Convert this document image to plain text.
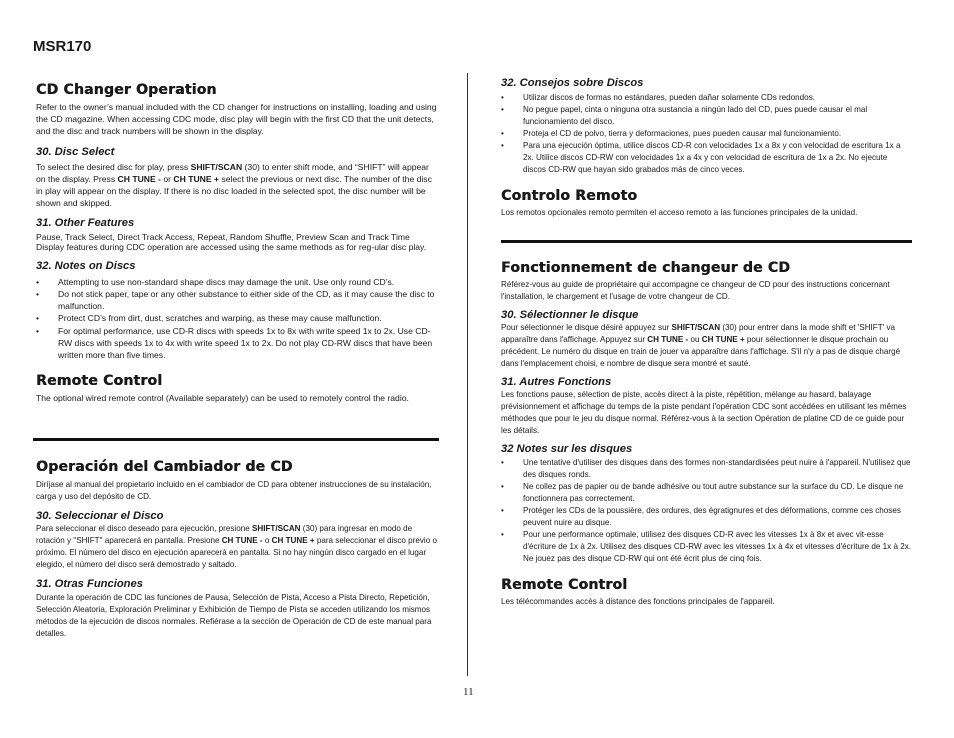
MSR170
CD Changer Operation

Refer to the owner’s manual included with the CD changer for instructions on installing, loading and using the CD magazine. When accessing CDC mode, disc play will begin with the first CD that the unit detects, and the disc and track numbers will be shown in the display.

30. Disc Select

To select the desired disc for play, press SHIFT/SCAN (30) to enter shift mode, and “SHIFT” will appear on the display. Press CH TUNE - or CH TUNE + select the previous or next disc. The number of the disc in play will appear on the display. If there is no disc loaded in the selected spot, the disc number will be shown and skipped.

31. Other Features

Pause, Track Select, Direct Track Access, Repeat, Random Shuffle, Preview Scan and Track Time Display features during CDC operation are accessed using the same methods as for reg-ular disc play.

32. Notes on Discs
• Attempting to use non-standard shape discs may damage the unit. Use only round CD’s.
• Do not stick paper, tape or any other substance to either side of the CD, as it may cause the disc to malfunction.
• Protect CD’s from dirt, dust, scratches and warping, as these may cause malfunction.
• For optimal performance, use CD-R discs with speeds 1x to 8x with write speed 1x to 2x. Use CD-RW discs with speeds 1x to 4x with write speed 1x to 2x. Do not play CD-RW discs that have been written more than five times.
Remote Control

The optional wired remote control (Available separately) can be used to remotely control the radio.

Operación del Cambiador de CD

Diríjase al manual del propietario incluido en el cambiador de CD para obtener instrucciones de su instalación, carga y uso del depósito de CD.

30. Seleccionar el Disco

Para seleccionar el disco deseado para ejecución, presione SHIFT/SCAN (30) para ingresar en modo de rotación y "SHIFT" aparecerá en pantalla. Presione CH TUNE - o CH TUNE + para seleccionar el disco previo o próximo. El número del disco en ejecución aparecerá en pantalla. Si no hay ningún disco cargado en el lugar elegido, el número del disco será demostrado y saltado.

31. Otras Funciones

Durante la operación de CDC las funciones de Pausa, Selección de Pista, Acceso a Pista Directo, Repetición, Selección Aleatoria, Exploración Preliminar y Exhibición de Tiempo de Pista se acceden utilizando los mismos métodos de la ejecución de discos normales. Refiérase a la sección de Operación de CD de este manual para detalles.

32. Consejos sobre Discos
• Utilizar discos de formas no estándares, pueden dañar solamente CDs redondos.
• No pegue papel, cinta o ninguna otra sustancia a ningún lado del CD, pues puede causar el mal funcionamiento del disco.
• Proteja el CD de polvo, tierra y deformaciones, pues pueden causar mal funcionamiento.
• Para una ejecución óptima, utilice discos CD-R con velocidades 1x a 8x y con velocidad de escritura 1x a 2x. Utilice discos CD-RW con velocidades 1x a 4x y con velocidad de escritura de 1x a 2x. No ejecute discos CD-RW que hayan sido grabados más de cinco veces.
Controlo Remoto

Los remotos opcionales remoto permiten el acceso remoto a las funciones principales de la unidad.

Fonctionnement de changeur de CD

Référez-vous au guide de propriétaire qui accompagne ce changeur de CD pour des instructions concernant l'installation, le chargement et l'usage de votre changeur de CD.

30. Sélectionner le disque

Pour sélectionner le disque désiré appuyez sur SHIFT/SCAN (30) pour entrer dans la mode shift et 'SHIFT' va apparaître dans l'affichage. Appuyez sur CH TUNE - ou CH TUNE + pour sélectionner le disque prochain ou précédent. Le numéro du disque en train de jouer va apparaître dans l'affichage. S'il n'y a pas de disque chargé dans l'emplacement choisi, e nombre de disque sera montré et sauté.

31. Autres Fonctions

Les fonctions pause, sélection de piste, accès direct à la piste, répétition, mélange au hasard, balayage prévisionnement et affichage du temps de la piste pendant l'opération CDC sont accédées en utilisant les mêmes méthodes que pour le jeu du disque normal. Référez-vous à la section Opération de platine CD de ce guide pour les détails.

32 Notes sur les disques
• Une tentative d'utiliser des disques dans des formes non-standardisées peut nuire à l'appareil. N'utilisez que des disques ronds.
• Ne collez pas de papier ou de bande adhésive ou tout autre substance sur la surface du CD. Le disque ne fonctionnera pas correctement.
• Protéger les CDs de la poussière, des ordures, des égratignures et des déformations, comme ces choses peuvent nuire au disque.
• Pour une performance optimale, utilisez des disques CD-R avec les vitesses 1x à 8x et avec vit-esse d'écriture de 1x à 2x. Utilisez des disques CD-RW avec les vitesses 1x à 4x et vitesses d'écriture de 1x à 2x. Ne jouez pas des disque CD-RW qui ont été écrit plus de cinq fois.
Remote Control

Les télécommandes accès à distance des fonctions principales de l'appareil.

11
